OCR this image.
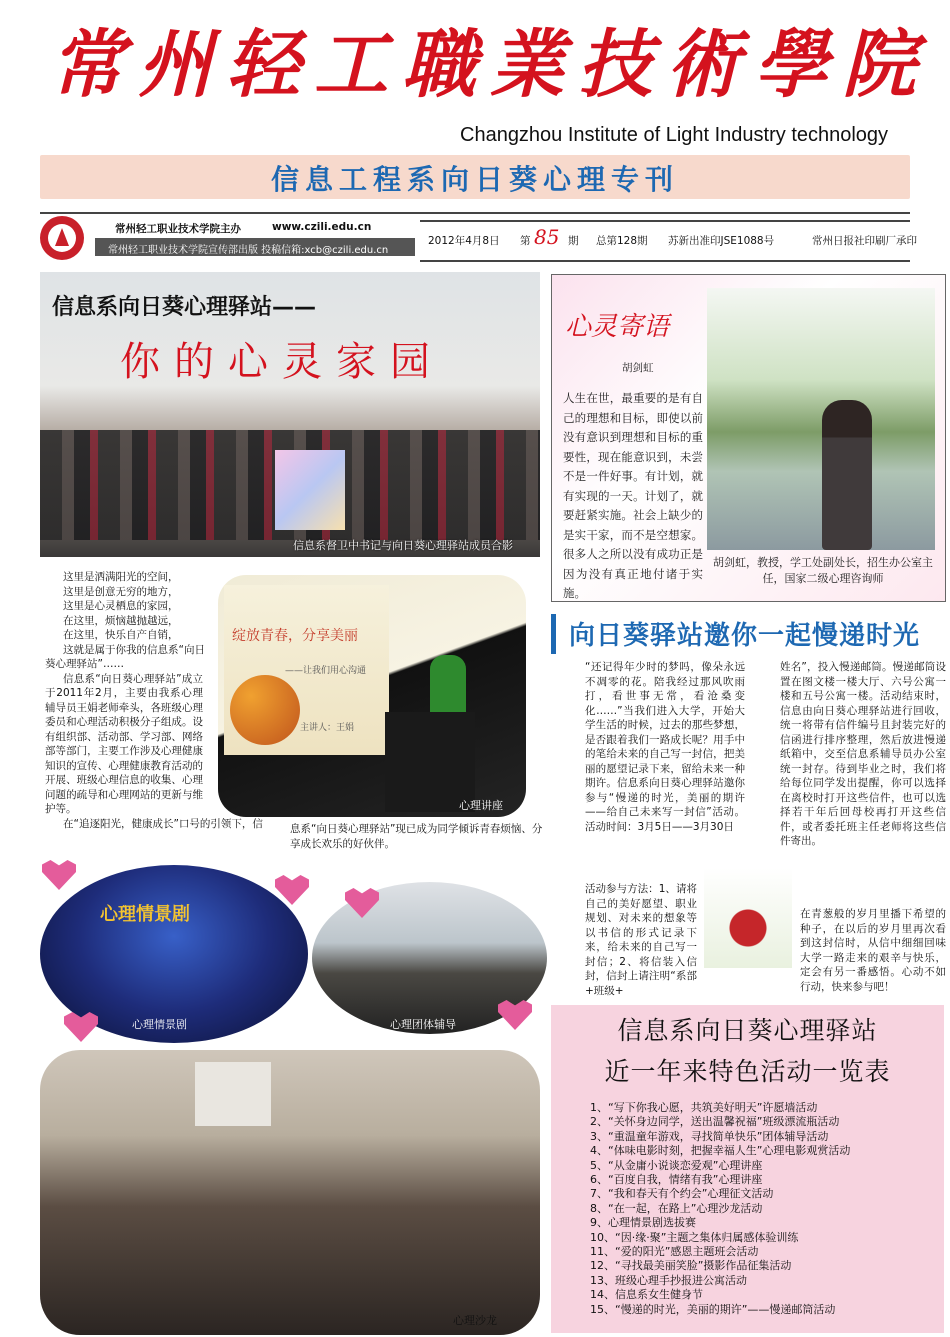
常州轻工職業技術學院
Changzhou Institute of Light Industry technology
信息工程系向日葵心理专刊
常州轻工职业技术学院主办	www.czili.edu.cn
常州轻工职业技术学院宣传部出版 投稿信箱:xcb@czili.edu.cn
2012年4月8日 第 85 期 总第128期 苏新出准印JSE1088号	常州日报社印刷厂承印
信息系向日葵心理驿站——
你的心灵家园
信息系督卫中书记与向日葵心理驿站成员合影
心灵寄语
胡剑虹
人生在世，最重要的是有自己的理想和目标，即使以前没有意识到理想和目标的重要性，现在能意识到，未尝不是一件好事。有计划，就有实现的一天。计划了，就要赶紧实施。社会上缺少的是实干家，而不是空想家。很多人之所以没有成功正是因为没有真正地付诸于实施。
胡剑虹，教授，学工处副处长，招生办公室主任，国家二级心理咨询师
这里是洒满阳光的空间，
这里是创意无穷的地方，
这里是心灵栖息的家园，
在这里，烦恼越抛越远，
在这里，快乐自产自销，
这就是属于你我的信息系“向日葵心理驿站”……
信息系“向日葵心理驿站”成立于2011年2月，主要由我系心理辅导员王娟老师牵头，各班级心理委员和心理活动积极分子组成。设有组织部、活动部、学习部、网络部等部门，主要工作涉及心理健康知识的宣传、心理健康教育活动的开展、班级心理信息的收集、心理问题的疏导和心理网站的更新与维护等。
在“追逐阳光，健康成长”口号的引领下，信	息系“向日葵心理驿站”现已成为同学倾诉青春烦恼、分享成长欢乐的好伙伴。
绽放青春，分享美丽
——让我们用心沟通
主讲人：王娟
心理讲座
向日葵驿站邀你一起慢递时光
“还记得年少时的梦吗，像朵永远不凋零的花。陪我经过那风吹雨打，看世事无常，看沧桑变化……”当我们进入大学，开始大学生活的时候，过去的那些梦想，是否跟着我们一路成长呢？用手中的笔给未来的自己写一封信，把美丽的愿望记录下来，留给未来一种期许。信息系向日葵心理驿站邀你参与“慢递的时光，美丽的期许——给自己未来写一封信”活动。活动时间：3月5日——3月30日
姓名”，投入慢递邮筒。慢递邮筒设置在图文楼一楼大厅、六号公寓一楼和五号公寓一楼。活动结束时，信息由向日葵心理驿站进行回收，统一将带有信件编号且封装完好的信函进行排序整理，然后放进慢递纸箱中，交至信息系辅导员办公室统一封存。待到毕业之时，我们将给每位同学发出提醒，你可以选择在离校时打开这些信件，也可以选择若干年后回母校再打开这些信件，或者委托班主任老师将这些信件寄出。
活动参与方法：1、请将自己的美好愿望、职业规划、对未来的想象等以书信的形式记录下来，给未来的自己写一封信；2、将信装入信封，信封上请注明“系部+班级+
在青葱般的岁月里播下希望的种子，在以后的岁月里再次看到这封信时，从信中细细回味大学一路走来的艰辛与快乐，定会有另一番感悟。心动不如行动，快来参与吧！
心理情景剧
心理情景剧	心理团体辅导
心理沙龙
信息系向日葵心理驿站
近一年来特色活动一览表
1、“写下你我心愿，共筑美好明天”许愿墙活动
2、“关怀身边同学，送出温馨祝福”班级漂流瓶活动
3、“重温童年游戏，寻找简单快乐”团体辅导活动
4、“体味电影时刻，把握幸福人生”心理电影观赏活动
5、“从金庸小说谈恋爱观”心理讲座
6、“百度自我，情绪有我”心理讲座
7、“我和春天有个约会”心理征文活动
8、“在一起，在路上”心理沙龙活动
9、心理情景剧选拔赛
10、“因·缘·聚”主题之集体归属感体验训练
11、“爱的阳光”感恩主题班会活动
12、“寻找最美丽笑脸”摄影作品征集活动
13、班级心理手抄报进公寓活动
14、信息系女生健身节
15、“慢递的时光，美丽的期许”——慢递邮筒活动
